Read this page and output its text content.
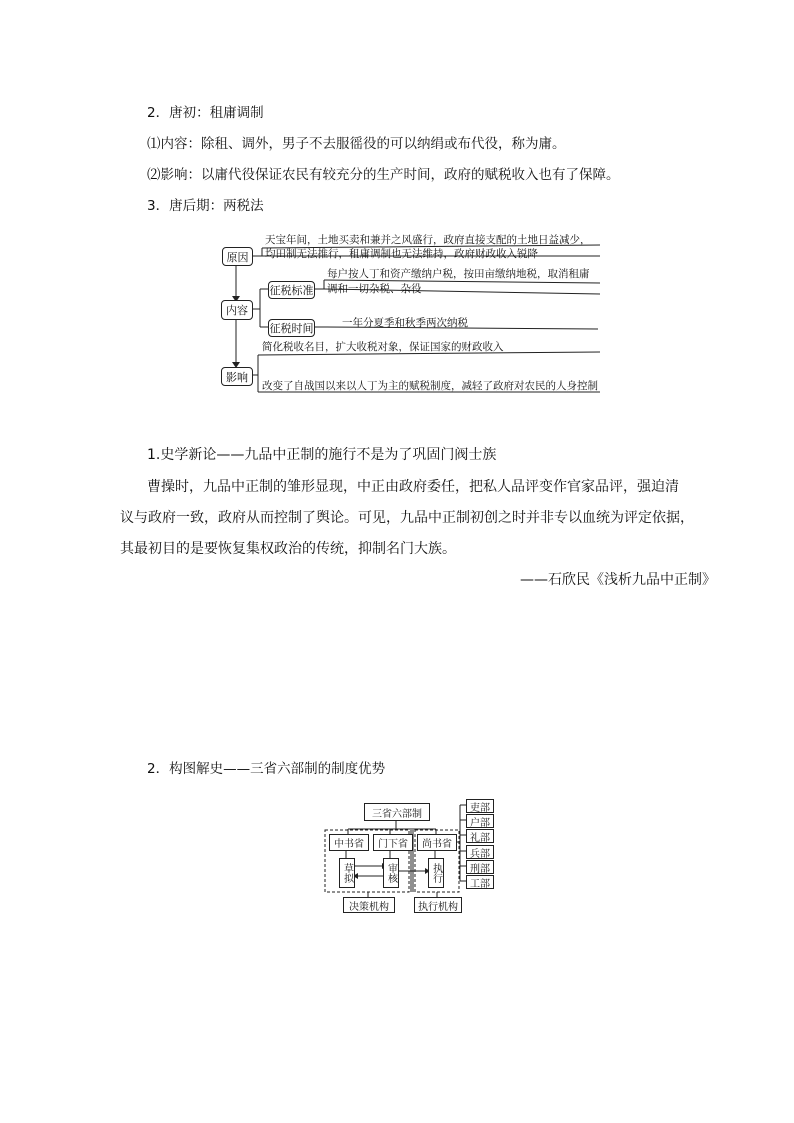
2．唐初：租庸调制
⑴内容：除租、调外，男子不去服徭役的可以纳绢或布代役，称为庸。
⑵影响：以庸代役保证农民有较充分的生产时间，政府的赋税收入也有了保障。
3．唐后期：两税法
原因
天宝年间，土地买卖和兼并之风盛行，政府直接支配的土地日益减少，
均田制无法推行，租庸调制也无法维持，政府财政收入锐降
内容
征税标准
每户按人丁和资产缴纳户税，按田亩缴纳地税，取消租庸
调和一切杂税、杂役
征税时间	一年分夏季和秋季两次纳税
影响
简化税收名目，扩大收税对象，保证国家的财政收入
改变了自战国以来以人丁为主的赋税制度，减轻了政府对农民的人身控制
1.史学新论——九品中正制的施行不是为了巩固门阀士族
曹操时，九品中正制的雏形显现，中正由政府委任，把私人品评变作官家品评，强迫清
议与政府一致，政府从而控制了舆论。可见，九品中正制初创之时并非专以血统为评定依据，
其最初目的是要恢复集权政治的传统，抑制名门大族。
——石欣民《浅析九品中正制》
2．构图解史——三省六部制的制度优势
三省六部制
中书省	门下省	尚书省
草拟	审核	执行
决策机构	执行机构
吏部
户部
礼部
兵部
刑部
工部
